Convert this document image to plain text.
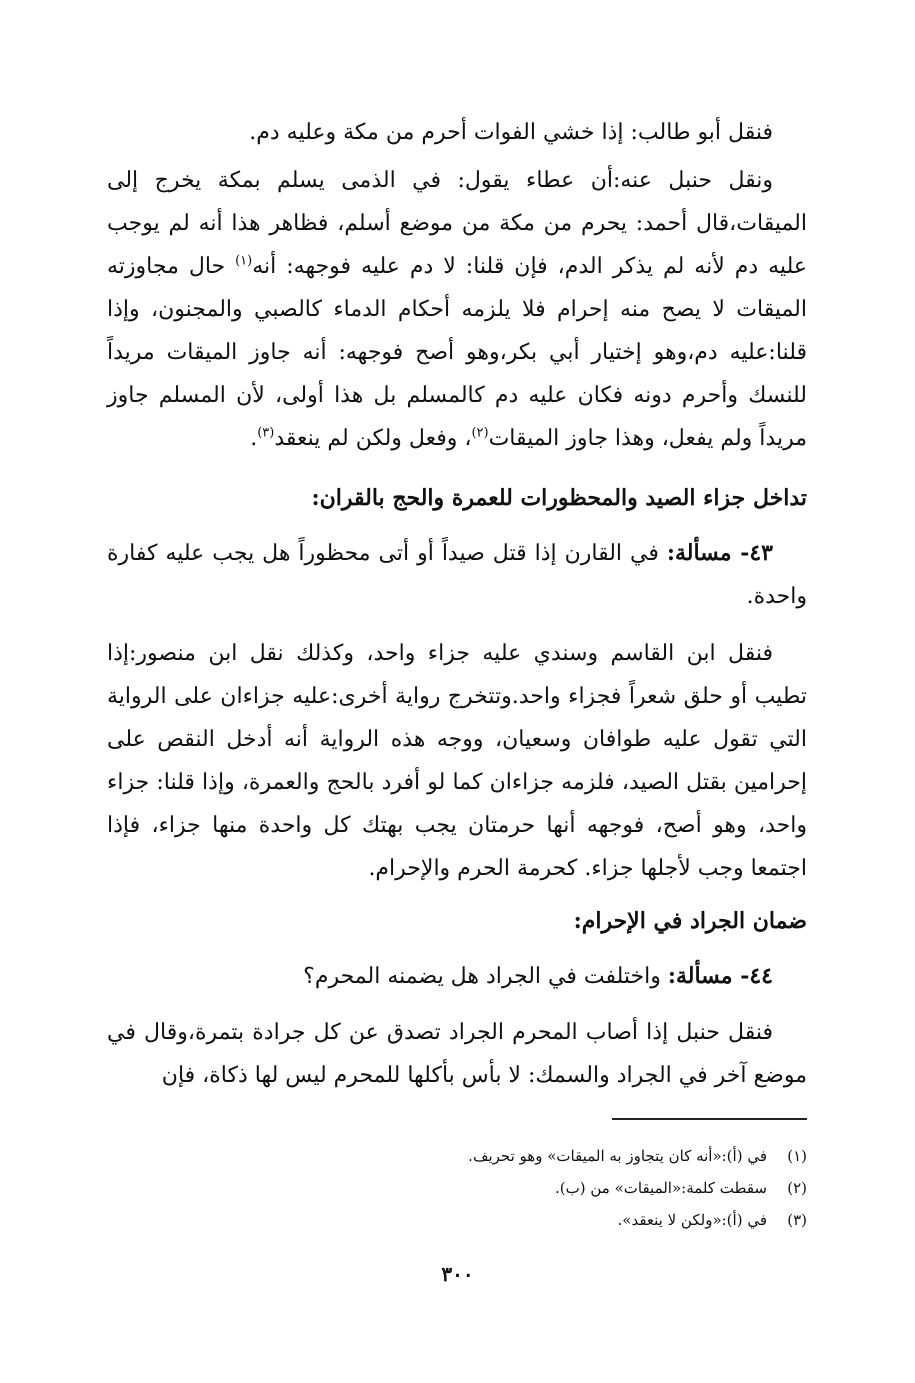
فنقل أبو طالب: إذا خشي الفوات أحرم من مكة وعليه دم.

ونقل حنبل عنه:أن عطاء يقول: في الذمى يسلم بمكة يخرج إلى الميقات،قال أحمد: يحرم من مكة من موضع أسلم، فظاهر هذا أنه لم يوجب عليه دم لأنه لم يذكر الدم، فإن قلنا: لا دم عليه فوجهه: أنه$^{(١)}$ حال مجاوزته الميقات لا يصح منه إحرام فلا يلزمه أحكام الدماء كالصبي والمجنون، وإذا قلنا:عليه دم،وهو إختيار أبي بكر،وهو أصح فوجهه: أنه جاوز الميقات مريداً للنسك وأحرم دونه فكان عليه دم كالمسلم بل هذا أولى، لأن المسلم جاوز مريداً ولم يفعل، وهذا جاوز الميقات$^{(٢)}$، وفعل ولكن لم ينعقد$^{(٣)}$.

تداخل جزاء الصيد والمحظورات للعمرة والحج بالقران:

٤٣- مسألة: في القارن إذا قتل صيداً أو أتى محظوراً هل يجب عليه كفارة واحدة.

فنقل ابن القاسم وسندي عليه جزاء واحد، وكذلك نقل ابن منصور:إذا تطيب أو حلق شعراً فجزاء واحد.وتتخرج رواية أخرى:عليه جزاءان على الرواية التي تقول عليه طوافان وسعيان، ووجه هذه الرواية أنه أدخل النقص على إحرامين بقتل الصيد، فلزمه جزاءان كما لو أفرد بالحج والعمرة، وإذا قلنا: جزاء واحد، وهو أصح، فوجهه أنها حرمتان يجب بهتك كل واحدة منها جزاء، فإذا اجتمعا وجب لأجلها جزاء. كحرمة الحرم والإحرام.

ضمان الجراد في الإحرام:

٤٤- مسألة: واختلفت في الجراد هل يضمنه المحرم؟

فنقل حنبل إذا أصاب المحرم الجراد تصدق عن كل جرادة بتمرة،وقال في موضع آخر في الجراد والسمك: لا بأس بأكلها للمحرم ليس لها ذكاة، فإن

(١)
في (أ):«أنه كان يتجاوز به الميقات» وهو تحريف.
(٢)
سقطت كلمة:«الميقات» من (ب).
(٣)
في (أ):«ولكن لا ينعقد».
٣٠٠
